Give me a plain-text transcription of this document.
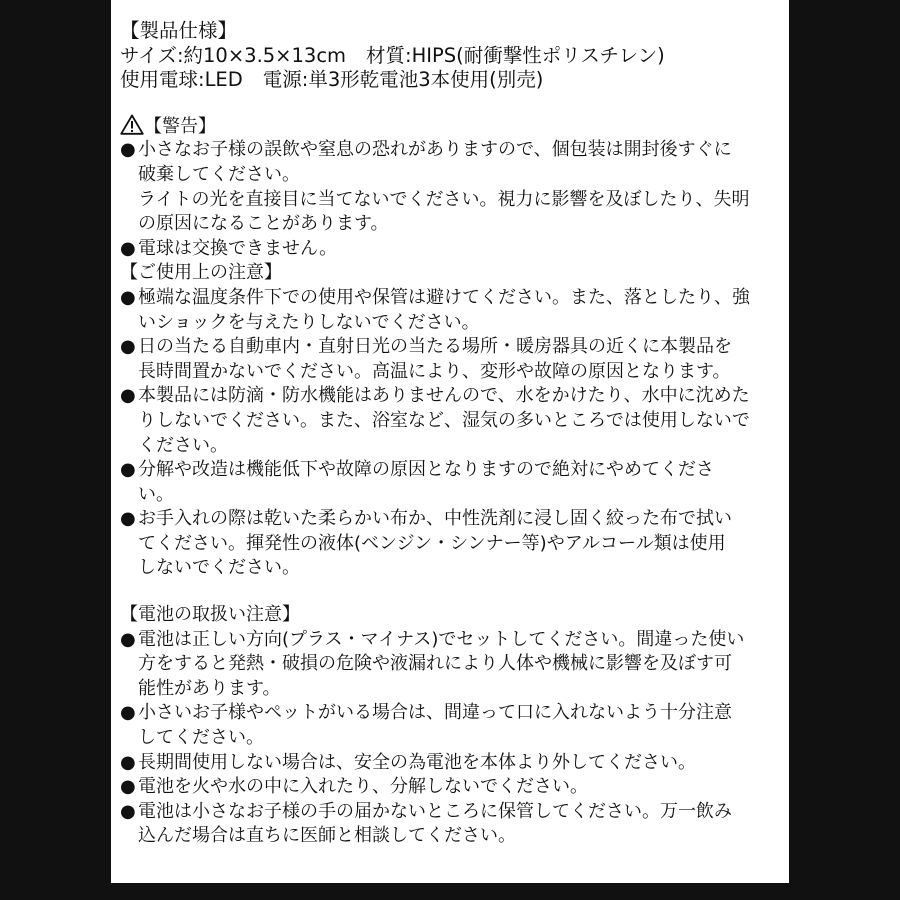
【製品仕様】
サイズ:約10×3.5×13cm 材質:HIPS(耐衝撃性ポリスチレン)
使用電球:LED 電源:単3形乾電池3本使用(別売)
【警告】
● 小さなお子様の誤飲や窒息の恐れがありますので、個包装は開封後すぐに
破棄してください。
ライトの光を直接目に当てないでください。視力に影響を及ぼしたり、失明
の原因になることがあります。
● 電球は交換できません。
【ご使用上の注意】
● 極端な温度条件下での使用や保管は避けてください。また、落としたり、強
いショックを与えたりしないでください。
● 日の当たる自動車内・直射日光の当たる場所・暖房器具の近くに本製品を
長時間置かないでください。高温により、変形や故障の原因となります。
● 本製品には防滴・防水機能はありませんので、水をかけたり、水中に沈めた
りしないでください。また、浴室など、湿気の多いところでは使用しないで
ください。
● 分解や改造は機能低下や故障の原因となりますので絶対にやめてくださ
い。
● お手入れの際は乾いた柔らかい布か、中性洗剤に浸し固く絞った布で拭い
てください。揮発性の液体(ベンジン・シンナー等)やアルコール類は使用
しないでください。
【電池の取扱い注意】
● 電池は正しい方向(プラス・マイナス)でセットしてください。間違った使い
方をすると発熱・破損の危険や液漏れにより人体や機械に影響を及ぼす可
能性があります。
● 小さいお子様やペットがいる場合は、間違って口に入れないよう十分注意
してください。
● 長期間使用しない場合は、安全の為電池を本体より外してください。
● 電池を火や水の中に入れたり、分解しないでください。
● 電池は小さなお子様の手の届かないところに保管してください。万一飲み
込んだ場合は直ちに医師と相談してください。
